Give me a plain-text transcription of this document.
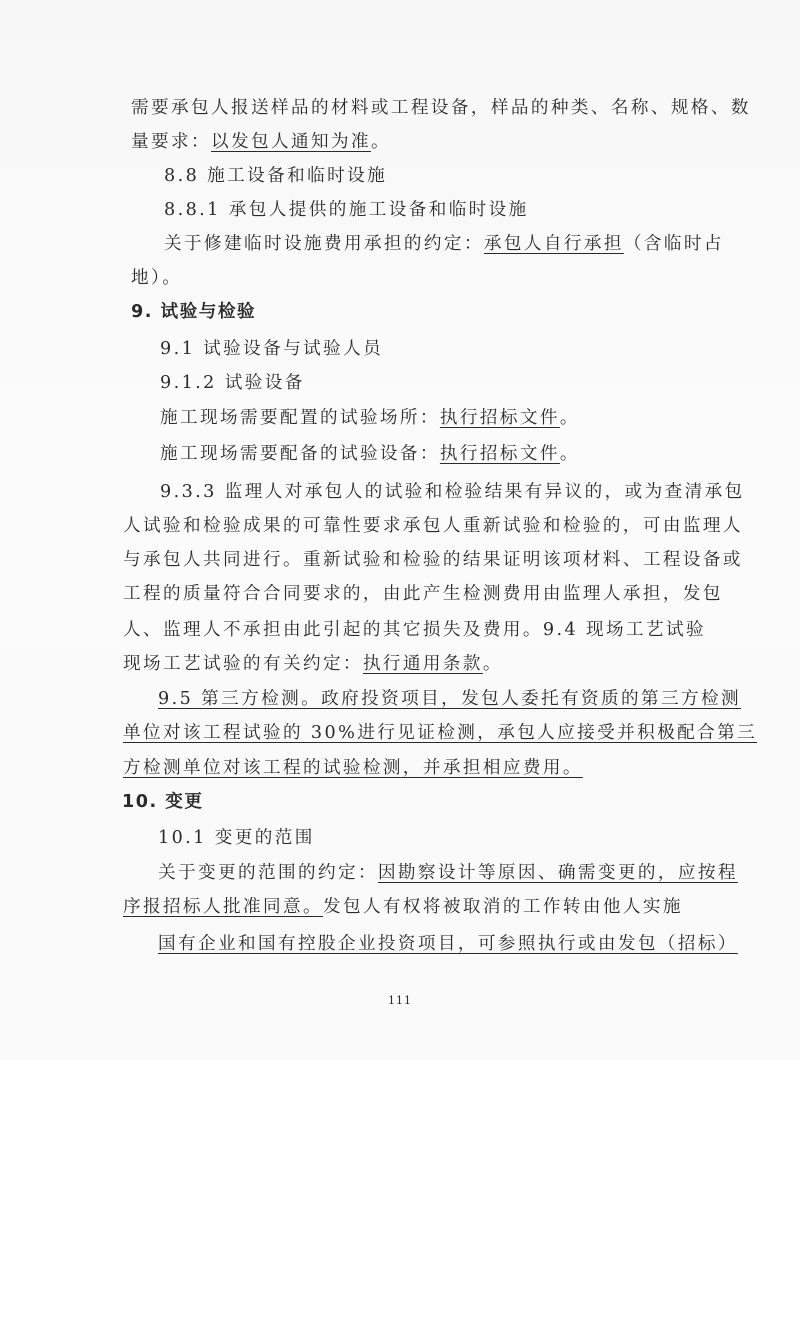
需要承包人报送样品的材料或工程设备，样品的种类、名称、规格、数
量要求：以发包人通知为准。
8.8 施工设备和临时设施
8.8.1 承包人提供的施工设备和临时设施
关于修建临时设施费用承担的约定：承包人自行承担（含临时占
地）。
9. 试验与检验
9.1 试验设备与试验人员
9.1.2 试验设备
施工现场需要配置的试验场所：执行招标文件。
施工现场需要配备的试验设备：执行招标文件。
9.3.3 监理人对承包人的试验和检验结果有异议的，或为查清承包
人试验和检验成果的可靠性要求承包人重新试验和检验的，可由监理人
与承包人共同进行。重新试验和检验的结果证明该项材料、工程设备或
工程的质量符合合同要求的，由此产生检测费用由监理人承担，发包
人、监理人不承担由此引起的其它损失及费用。9.4 现场工艺试验
现场工艺试验的有关约定：执行通用条款。
9.5 第三方检测。政府投资项目，发包人委托有资质的第三方检测
单位对该工程试验的 30%进行见证检测，承包人应接受并积极配合第三
方检测单位对该工程的试验检测，并承担相应费用。
10. 变更
10.1 变更的范围
关于变更的范围的约定：因勘察设计等原因、确需变更的，应按程
序报招标人批准同意。发包人有权将被取消的工作转由他人实施
国有企业和国有控股企业投资项目，可参照执行或由发包（招标）
111
